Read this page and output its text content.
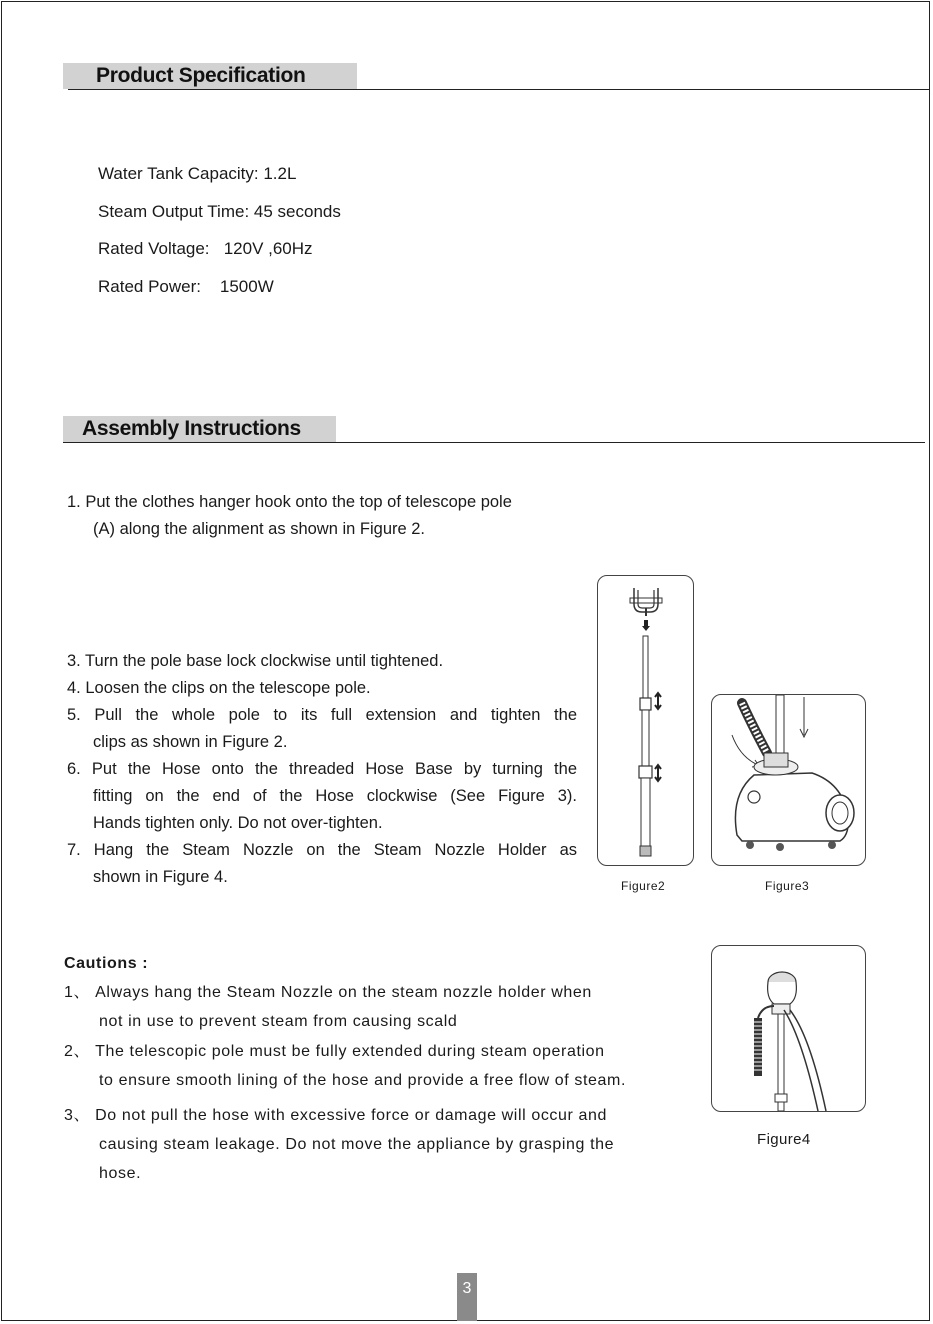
Product Specification
Water Tank Capacity: 1.2L
Steam Output Time: 45 seconds
Rated Voltage:   120V ,60Hz
Rated Power:    1500W
Assembly Instructions
1. Put the clothes hanger hook onto the top of telescope pole
(A) along the alignment as shown in Figure 2.
3. Turn the pole base lock clockwise until tightened.
4. Loosen the clips on the telescope pole.
5. Pull the whole pole to its full extension and tighten the
clips as shown in Figure 2.
6. Put the Hose onto the threaded Hose Base by turning the
fitting on the end of the Hose clockwise (See Figure 3).
Hands tighten only. Do not over-tighten.
7. Hang the Steam Nozzle on the Steam Nozzle Holder as
shown in Figure 4.	Figure2	Figure3
Cautions :
1、 Always hang the Steam Nozzle on the steam nozzle holder when
not in use to prevent steam from causing scald
2、 The telescopic pole must be fully extended during steam operation
to ensure smooth lining of the hose and provide a free flow of steam.
3、 Do not pull the hose with excessive force or damage will occur and
causing steam leakage. Do not move the appliance by grasping the
hose.
Figure4
3
